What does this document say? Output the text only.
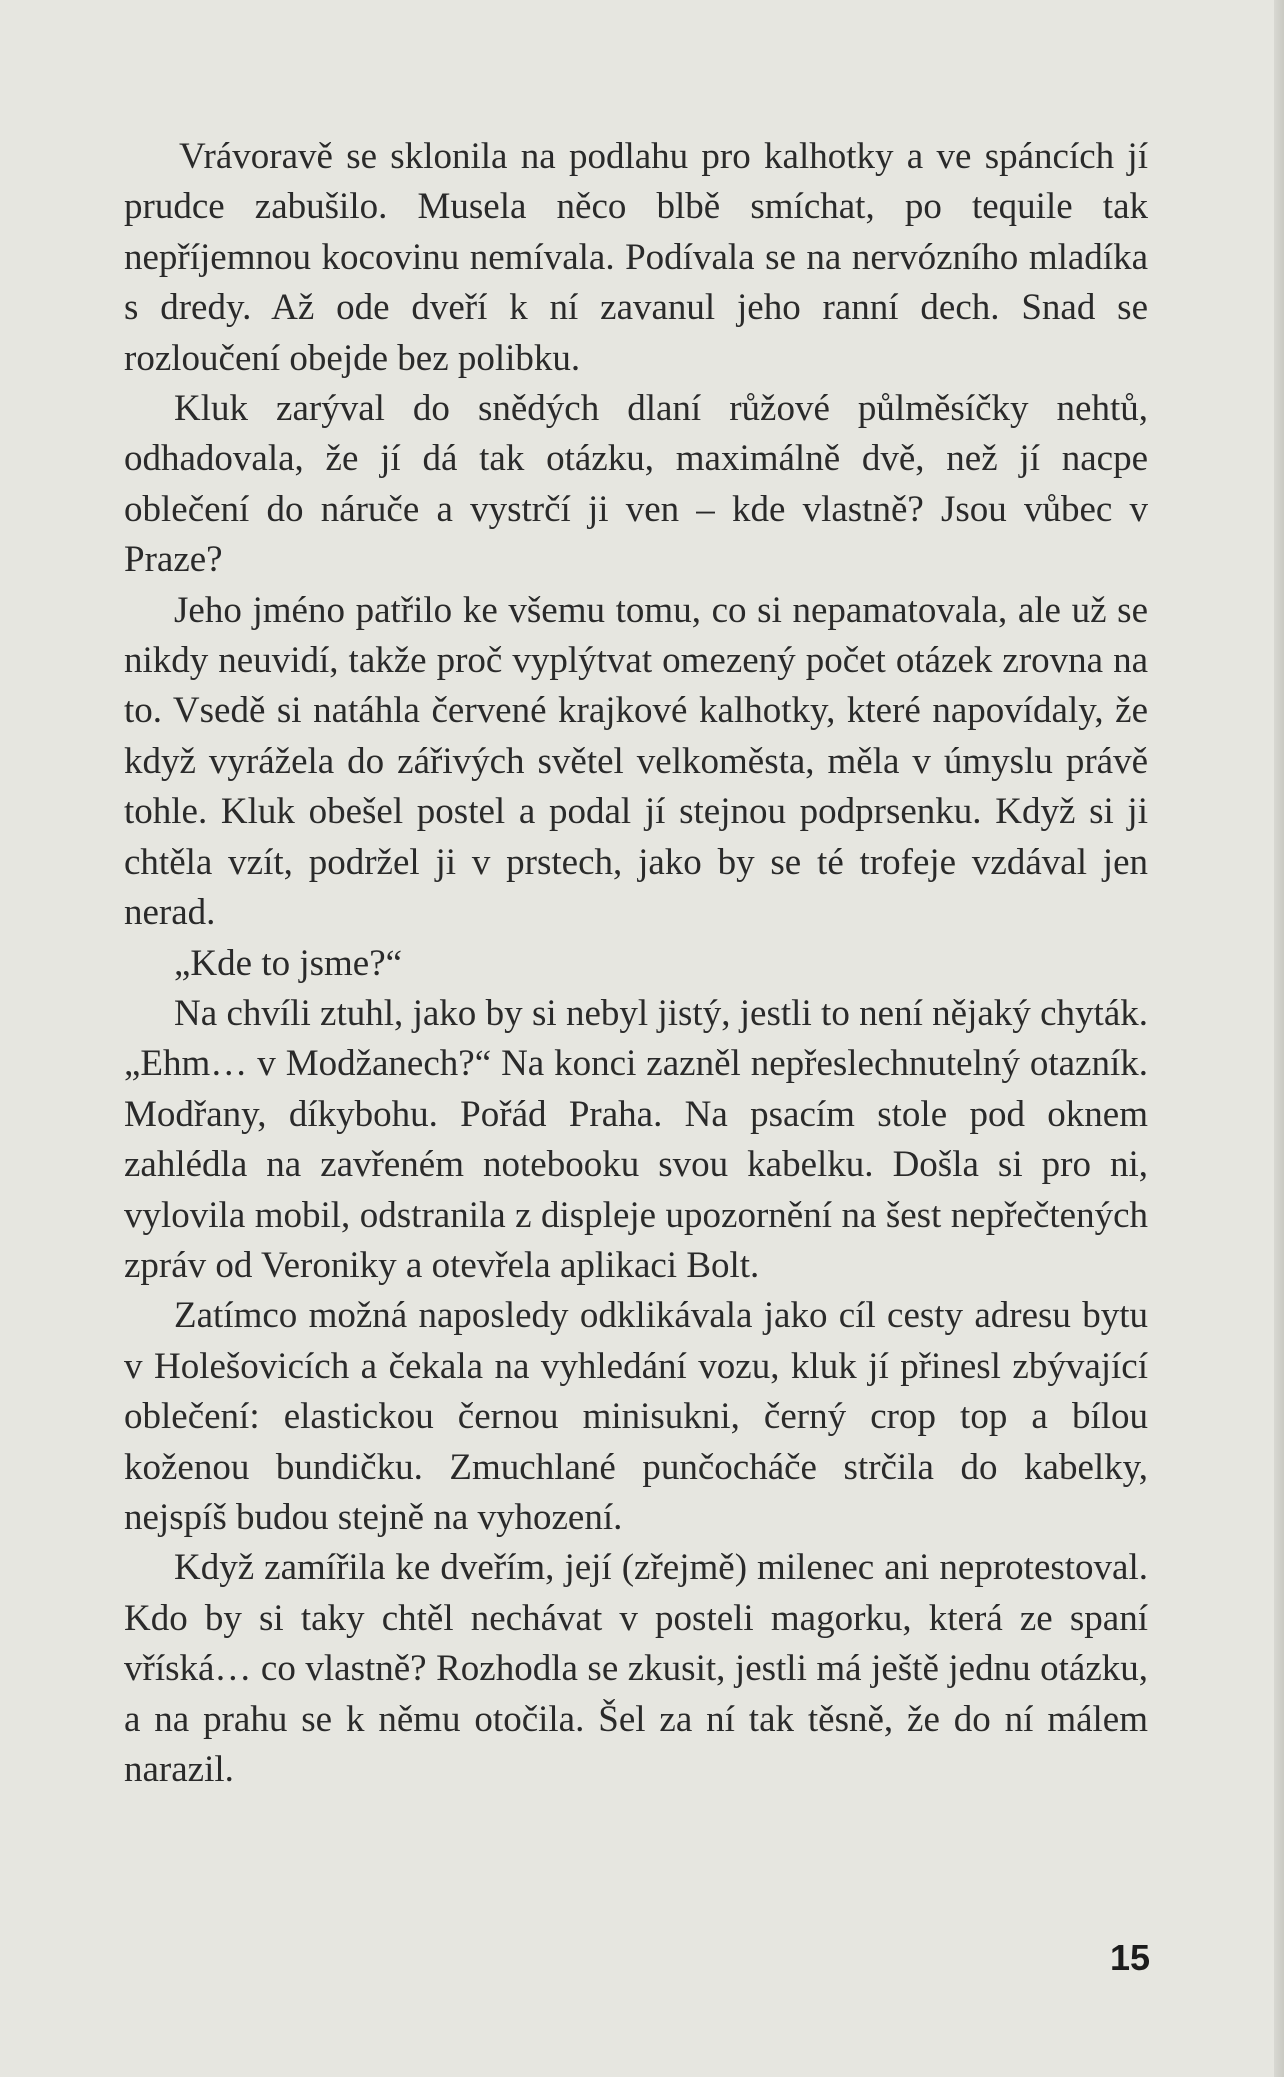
Vrávoravě se sklonila na podlahu pro kalhotky a ve spáncích jí prudce zabušilo. Musela něco blbě smíchat, po tequile tak nepříjemnou kocovinu nemívala. Podívala se na nervózního mladíka s dredy. Až ode dveří k ní zavanul jeho ranní dech. Snad se rozloučení obejde bez polibku.

Kluk zarýval do snědých dlaní růžové půlměsíčky nehtů, odhadovala, že jí dá tak otázku, maximálně dvě, než jí nacpe oblečení do náruče a vystrčí ji ven – kde vlastně? Jsou vůbec v Praze?

Jeho jméno patřilo ke všemu tomu, co si nepamatovala, ale už se nikdy neuvidí, takže proč vyplýtvat omezený počet otázek zrovna na to. Vsedě si natáhla červené krajkové kalhotky, které napovídaly, že když vyrážela do zářivých světel velkoměsta, měla v úmyslu právě tohle. Kluk obešel postel a podal jí stejnou podprsenku. Když si ji chtěla vzít, podržel ji v prstech, jako by se té trofeje vzdával jen nerad.

„Kde to jsme?“

Na chvíli ztuhl, jako by si nebyl jistý, jestli to není nějaký chyták. „Ehm… v Modžanech?“ Na konci zazněl nepřeslechnutelný otazník. Modřany, díkybohu. Pořád Praha. Na psacím stole pod oknem zahlédla na zavřeném notebooku svou kabelku. Došla si pro ni, vylovila mobil, odstranila z displeje upozornění na šest nepřečtených zpráv od Veroniky a otevřela aplikaci Bolt.

Zatímco možná naposledy odklikávala jako cíl cesty adresu bytu v Holešovicích a čekala na vyhledání vozu, kluk jí přinesl zbývající oblečení: elastickou černou minisukni, černý crop top a bílou koženou bundičku. Zmuchlané punčocháče strčila do kabelky, nejspíš budou stejně na vyhození.

Když zamířila ke dveřím, její (zřejmě) milenec ani neprotestoval. Kdo by si taky chtěl nechávat v posteli magorku, která ze spaní vříská… co vlastně? Rozhodla se zkusit, jestli má ještě jednu otázku, a na prahu se k němu otočila. Šel za ní tak těsně, že do ní málem narazil.

15
